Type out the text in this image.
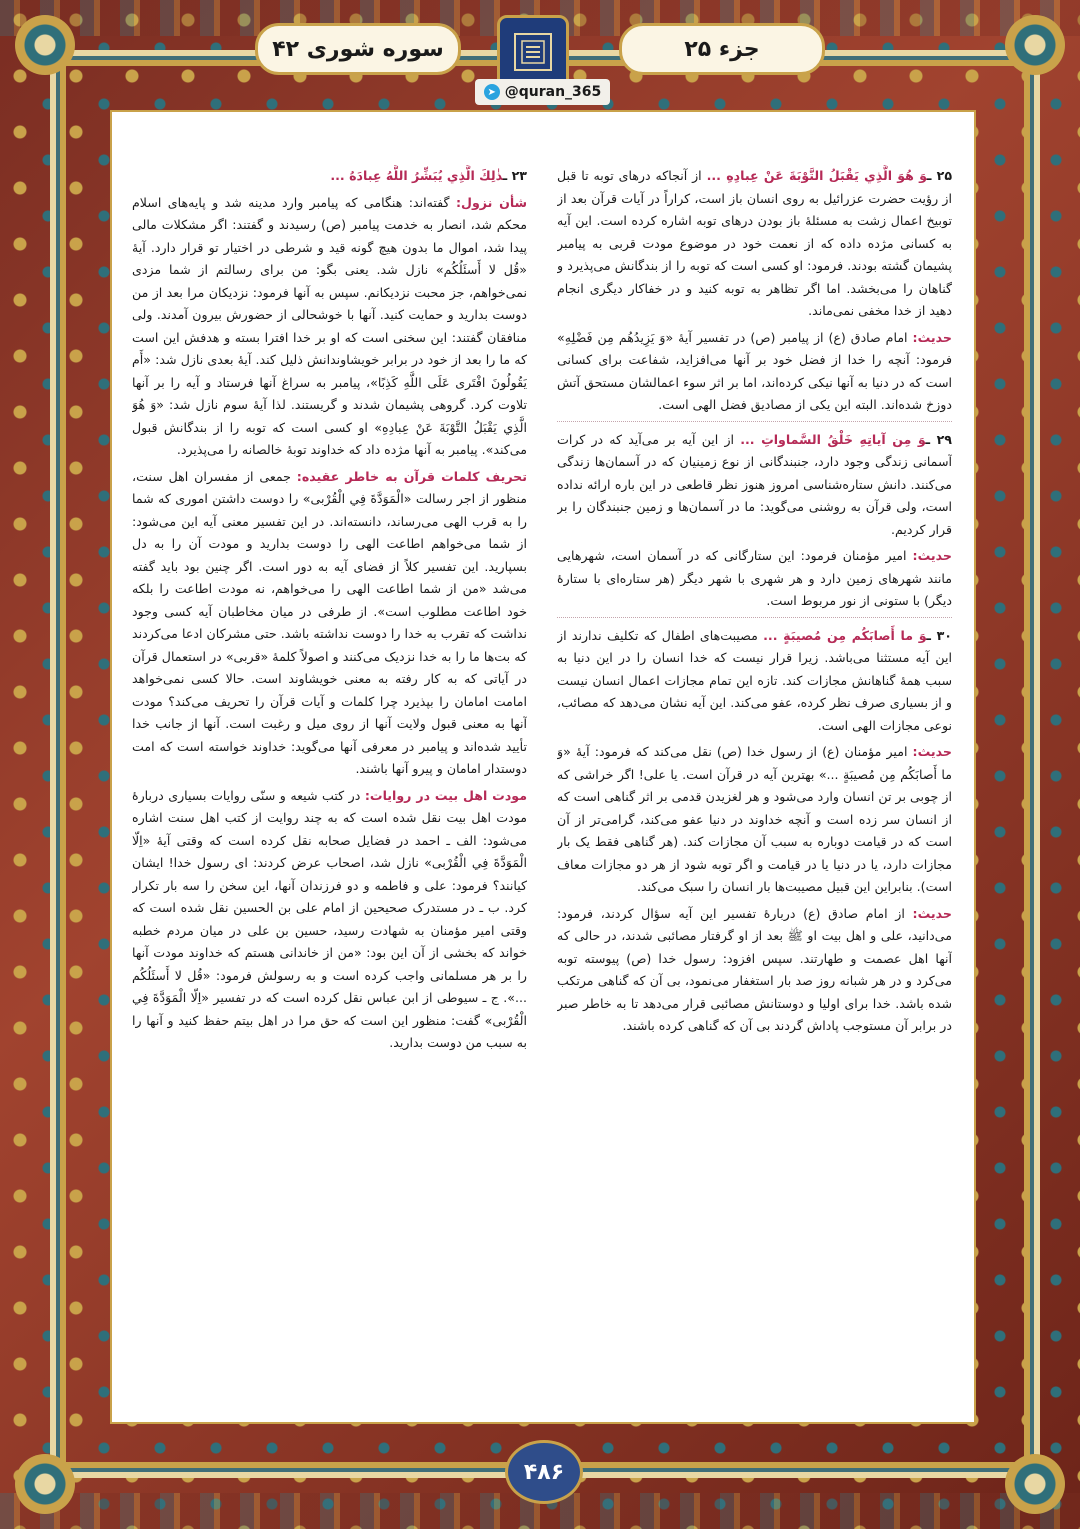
سوره شوری ۴۲	جزء ۲۵
➤ @quran_365

۲۳ ـذٰلِكَ الَّذِي يُبَشِّرُ اللَّهُ عِبادَهُ ...

شأن نزول: گفته‌اند: هنگامی که پیامبر وارد مدینه شد و پایه‌های اسلام محکم شد، انصار به خدمت پیامبر (ص) رسیدند و گفتند: اگر مشکلات مالی پیدا شد، اموال ما بدون هیچ گونه قید و شرطی در اختیار تو قرار دارد. آیهٔ «قُل لا أَسئَلُكُم» نازل شد. یعنی بگو: من برای رسالتم از شما مزدی نمی‌خواهم، جز محبت نزدیکانم. سپس به آنها فرمود: نزدیکان مرا بعد از من دوست بدارید و حمایت کنید. آنها با خوشحالی از حضورش بیرون آمدند. ولی منافقان گفتند: این سخنی است که او بر خدا افترا بسته و هدفش این است که ما را بعد از خود در برابر خویشاوندانش ذلیل کند. آیهٔ بعدی نازل شد: «أَم يَقُولُونَ افْتَرى عَلَى اللَّهِ كَذِبًا»، پیامبر به سراغ آنها فرستاد و آیه را بر آنها تلاوت کرد. گروهی پشیمان شدند و گریستند. لذا آیهٔ سوم نازل شد: «وَ هُوَ الَّذِي يَقْبَلُ التَّوْبَةَ عَنْ عِبادِهِ» او کسی است که توبه را از بندگانش قبول می‌کند». پیامبر به آنها مژده داد که خداوند توبهٔ خالصانه را می‌پذیرد.

تحریف کلمات قرآن به خاطر عقیده: جمعی از مفسران اهل سنت، منظور از اجر رسالت «الْمَوَدَّةَ فِي الْقُرْبى» را دوست داشتن اموری که شما را به قرب الهی می‌رساند، دانسته‌اند. در این تفسیر معنی آیه این می‌شود: از شما می‌خواهم اطاعت الهی را دوست بدارید و مودت آن را به دل بسپارید. این تفسیر کلاً از فضای آیه به دور است. اگر چنین بود باید گفته می‌شد «من از شما اطاعت الهی را می‌خواهم، نه مودت اطاعت را بلکه خود اطاعت مطلوب است». از طرفی در میان مخاطبان آیه کسی وجود نداشت که تقرب به خدا را دوست نداشته باشد. حتی مشرکان ادعا می‌کردند که بت‌ها ما را به خدا نزدیک می‌کنند و اصولاً کلمهٔ «قربی» در استعمال قرآن در آیاتی که به کار رفته به معنی خویشاوند است. حالا کسی نمی‌خواهد امامت امامان را بپذیرد چرا کلمات و آیات قرآن را تحریف می‌کند؟ مودت آنها به معنی قبول ولایت آنها از روی میل و رغبت است. آنها از جانب خدا تأیید شده‌اند و پیامبر در معرفی آنها می‌گوید: خداوند خواسته است که امت دوستدار امامان و پیرو آنها باشند.

مودت اهل بیت در روایات: در کتب شیعه و سنّی روایات بسیاری دربارهٔ مودت اهل بیت نقل شده است که به چند روایت از کتب اهل سنت اشاره می‌شود: الف ـ احمد در فضایل صحابه نقل کرده است که وقتی آیهٔ «اِلّا الْمَوَدَّةَ فِي الْقُرْبى» نازل شد، اصحاب عرض کردند: ای رسول خدا! ایشان کیانند؟ فرمود: علی و فاطمه و دو فرزندان آنها، این سخن را سه بار تکرار کرد. ب ـ در مستدرک صحیحین از امام علی بن الحسین نقل شده است که وقتی امیر مؤمنان به شهادت رسید، حسین بن علی در میان مردم خطبه خواند که بخشی از آن این بود: «من از خاندانی هستم که خداوند مودت آنها را بر هر مسلمانی واجب کرده است و به رسولش فرمود: «قُل لا أَسئَلُكُم ...». ج ـ سیوطی از ابن عباس نقل کرده است که در تفسیر «اِلّا الْمَوَدَّةَ فِي الْقُرْبى» گفت: منظور این است که حق مرا در اهل بیتم حفظ کنید و آنها را به سبب من دوست بدارید.

۲۵ ـوَ هُوَ الَّذِي يَقْبَلُ التَّوْبَةَ عَنْ عِبادِهِ ... از آنجاکه درهای توبه تا قبل از رؤیت حضرت عزرائیل به روی انسان باز است، کراراً در آیات قرآن بعد از توبیخ اعمال زشت به مسئلهٔ باز بودن درهای توبه اشاره کرده است. این آیه به کسانی مژده داده که از نعمت خود در موضوع مودت قربی به پیامبر پشیمان گشته بودند. فرمود: او کسی است که توبه را از بندگانش می‌پذیرد و گناهان را می‌بخشد. اما اگر تظاهر به توبه کنید و در خفاکار دیگری انجام دهید از خدا مخفی نمی‌ماند.

حدیث: امام صادق (ع) از پیامبر (ص) در تفسیر آیهٔ «وَ يَزِيدُهُم مِن فَضْلِهِ» فرمود: آنچه را خدا از فضل خود بر آنها می‌افزاید، شفاعت برای کسانی است که در دنیا به آنها نیکی کرده‌اند، اما بر اثر سوء اعمالشان مستحق آتش دوزخ شده‌اند. البته این یکی از مصادیق فضل الهی است.

۲۹ ـوَ مِن آياتِهِ خَلْقُ السَّماواتِ ... از این آیه بر می‌آید که در کرات آسمانی زندگی وجود دارد، جنبندگانی از نوع زمینیان که در آسمان‌ها زندگی می‌کنند. دانش ستاره‌شناسی امروز هنوز نظر قاطعی در این باره ارائه نداده است، ولی قرآن به روشنی می‌گوید: ما در آسمان‌ها و زمین جنبندگان را بر قرار کردیم.

حدیث: امیر مؤمنان فرمود: این ستارگانی که در آسمان است، شهرهایی مانند شهرهای زمین دارد و هر شهری با شهر دیگر (هر ستاره‌ای با ستارهٔ دیگر) با ستونی از نور مربوط است.

۳۰ ـوَ ما أَصابَكُم مِن مُصيبَةٍ ... مصیبت‌های اطفال که تکلیف ندارند از این آیه مستثنا می‌باشد. زیرا قرار نیست که خدا انسان را در این دنیا به سبب همهٔ گناهانش مجازات کند. تازه این تمام مجازات اعمال انسان نیست و از بسیاری صرف نظر کرده، عفو می‌کند. این آیه نشان می‌دهد که مصائب، نوعی مجازات الهی است.

حدیث: امیر مؤمنان (ع) از رسول خدا (ص) نقل می‌کند که فرمود: آیهٔ «وَ ما أَصابَكُم مِن مُصيبَةٍ ...» بهترین آیه در قرآن است. یا علی! اگر خراشی که از چوبی بر تن انسان وارد می‌شود و هر لغزیدن قدمی بر اثر گناهی است که از انسان سر زده است و آنچه خداوند در دنیا عفو می‌کند، گرامی‌تر از آن است که در قیامت دوباره به سبب آن مجازات کند. (هر گناهی فقط یک بار مجازات دارد، یا در دنیا یا در قیامت و اگر توبه شود از هر دو مجازات معاف است). بنابراین این قبیل مصیبت‌ها بار انسان را سبک می‌کند.

حدیث: از امام صادق (ع) دربارهٔ تفسیر این آیه سؤال کردند، فرمود: می‌دانید، علی و اهل بیت او ﷺ بعد از او گرفتار مصائبی شدند، در حالی که آنها اهل عصمت و طهارتند. سپس افزود: رسول خدا (ص) پیوسته توبه می‌کرد و در هر شبانه روز صد بار استغفار می‌نمود، بی آن که گناهی مرتکب شده باشد. خدا برای اولیا و دوستانش مصائبی قرار می‌دهد تا به خاطر صبر در برابر آن مستوجب پاداش گردند بی آن که گناهی کرده باشند.

۴۸۶
